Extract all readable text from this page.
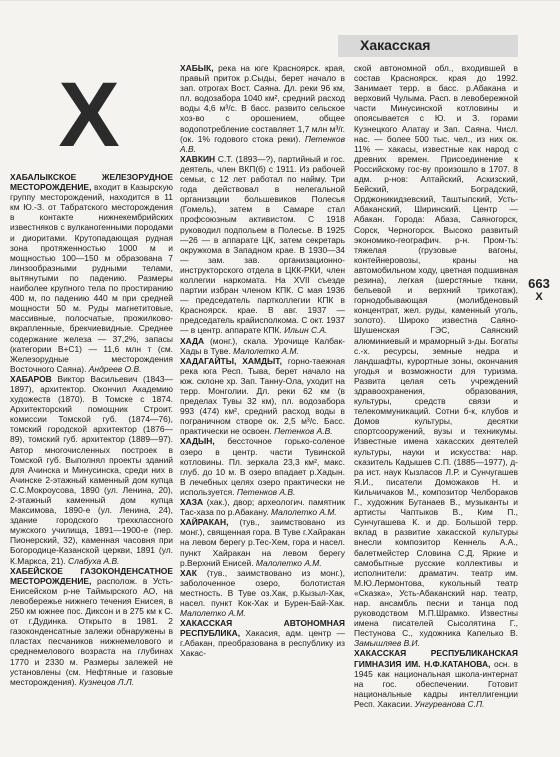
Хакасская
X

ХАБАЛЫКСКОЕ ЖЕЛЕЗОРУДНОЕ МЕСТОРОЖДЕНИЕ, входит в Казырскую группу месторождений, находится в 11 км Ю.-З. от Табратского месторождения в контакте нижнекембрийских известняков с вулканогенными породами и диоритами. Крутопадающая рудная зона протяженностью 1000 м и мощностью 100—150 м образована 7 линзообразными рудными телами, вытянутыми по падению. Размеры наиболее крупного тела по простиранию 400 м, по падению 440 м при средней мощности 50 м. Руды магнетитовые, массивные, полосчатые, прожилково-вкрапленные, брекчиевидные. Среднее содержание железа — 37,2%, запасы (категории В+С1) — 11,6 млн т (см. Железорудные месторождения Восточного Саяна). Андреев О.В.

ХАБАРОВ Виктор Васильевич (1843—1897), архитектор. Окончил Академию художеств (1870). В Томске с 1874. Архитекторский помощник Строит. комиссии Томской губ. (1874—76), томский городской архитектор (1876—89), томский губ. архитектор (1889—97). Автор многочисленных построек в Томской губ. Выполнял проекты зданий для Ачинска и Минусинска, среди них в Ачинске 2-этажный каменный дом купца С.С.Мокроусова, 1890 (ул. Ленина, 20), 2-этажный каменный дом купца Максимова, 1890-е (ул. Ленина, 24), здание городского трехклассного мужского училища, 1891—1900-е (пер. Пионерский, 32), каменная часовня при Богородице-Казанской церкви, 1891 (ул. К.Маркса, 21). Слабуха А.В.

ХАБЕЙСКОЕ ГАЗОКОНДЕНСАТНОЕ МЕСТОРОЖДЕНИЕ, располож. в Усть-Енисейском р-не Таймырского АО, на левобережье нижнего течения Енисея, в 250 км южнее пос. Диксон и в 275 км к С. от г.Дудинка. Открыто в 1981. 2 газоконденсатные залежи обнаружены в пластах песчаников нижнемелового и среднемелового возраста на глубинах 1770 и 2330 м. Размеры залежей не установлены (см. Нефтяные и газовые месторождения). Кузнецов Л.Л.

ХАБЫК, река на юге Красноярск. края, правый приток р.Сыды, берет начало в зап. отрогах Вост. Саяна. Дл. реки 96 км, пл. водозабора 1040 км², средний расход воды 4,6 м³/с. В басс. развито сельское хоз-во с орошением, общее водопотребление составляет 1,7 млн м³/г. (ок. 1% годового стока реки). Петенков А.В.

ХАВКИН С.Т. (1893—?), партийный и гос. деятель, член ВКП(б) с 1911. Из рабочей семьи, с 12 лет работал по найму. Три года действовал в нелегальной организации большевиков Полесья (Гомель), затем в Самаре стал профсоюзным активистом. С 1918 руководил подпольем в Полесье. В 1925—26 — в аппарате ЦК, затем секретарь окружкома в Западном крае. В 1930—34 — зам. зав. организационно-инструкторского отдела в ЦКК-РКИ, член коллегии наркомата. На XVII съезде партии избран членом КПК. С мая 1936 — председатель партколлегии КПК в Красноярск. крае. В авг. 1937 — председатель крайисполкома. С окт. 1937 — в центр. аппарате КПК. Ильин С.А.

ХАДА (монг.), скала. Урочище Калбак-Хады в Туве. Малолетко А.М.

ХАДАГАЙТЫ, ХАМДЫТ, горно-таежная река юга Респ. Тыва, берет начало на юж. склоне хр. Зап. Танну-Ола, уходит на терр. Монголии. Дл. реки 62 км (в пределах Тувы 32 км), пл. водозабора 993 (474) км², средний расход воды в пограничном створе ок. 2,5 м³/с. Басс. практически не освоен. Петенков А.В.

ХАДЫН, бессточное горько-соленое озеро в центр. части Тувинской котловины. Пл. зеркала 23,3 км², макс. глуб. до 10 м. В озеро впадает р.Хадын. В лечебных целях озеро практически не используется. Петенков А.В.

ХАЗА (хак.), двор; археологич. памятник Тас-хаза по р.Абакану. Малолетко А.М.

ХАЙРАКАН, (тув., заимствовано из монг.), священная гора. В Туве г.Хайракан на левом берегу р.Тес-Хем, гора и насел. пункт Хайракан на левом берегу р.Верхний Енисей. Малолетко А.М.

ХАК (тув., заимствовано из монг.), заболоченное озеро, болотистая местность. В Туве оз.Хак, р.Кызыл-Хак, насел. пункт Кок-Хак и Бурен-Бай-Хак. Малолетко А.М.

ХАКАССКАЯ АВТОНОМНАЯ РЕСПУБЛИКА, Хакасия, адм. центр — г.Абакан, преобразована в республику из Хакас-

ской автономной обл., входившей в состав Красноярск. края до 1992. Занимает терр. в басс. р.Абакана и верховий Чулыма. Расп. в левобережной части Минусинской котловины и опоясывается с Ю. и З. горами Кузнецкого Алатау и Зап. Саяна. Числ. нас. — более 500 тыс. чел., из них ок. 11% — хакасы, известные как народ с древних времен. Присоединение к Российскому гос-ву произошло в 1707. 8 адм. р-нов: Алтайский, Аскизский, Бейский, Боградский, Орджоникидзевский, Таштыпский, Усть-Абаканский, Ширинский. Центр — Абакан. Города: Абаза, Саяногорск, Сорск, Черногорск. Высоко развитый экономико-географич. р-н. Пром-ть: тяжелая (грузовые вагоны, контейнеровозы, краны на автомобильном ходу, цветная подшивная резина), легкая (шерстяные ткани, бельевой и верхний трикотаж), горнодобывающая (молибденовый концентрат, жел. руды, каменный уголь, золото). Широко известна Саяно-Шушенская ГЭС, Саянский алюминиевый и мраморный з-ды. Богаты с.-х. ресурсы, земные недра и ландшафты, курортные зоны, окончания угодья и возможности для туризма. Развита целая сеть учреждений здравоохранения, образования, культуры, средств связи и телекоммуникаций. Сотни б-к, клубов и Домов культуры, десятки спортсооружений, вузы и техникумы. Известные имена хакасских деятелей культуры, науки и искусства: нар. сказитель Кадышев С.П. (1885—1977), д-ра ист. наук Кызласов Л.Р. и Сунчугашев Я.И., писатели Доможаков Н. и Кильчичаков М., композитор Челбораков Г., художник Бутанаев В., музыканты и артисты Чаптыков В., Ким П., Сунчугашева К. и др. Большой терр. вклад в развитие хакасской культуры внесли композитор Кеннель А.А., балетмейстер Словина С.Д. Яркие и самобытные русские коллективы и исполнители: драматич. театр им. М.Ю.Лермонтова, кукольный театр «Сказка», Усть-Абаканский нар. театр, нар. ансамбль песни и танца под руководством М.П.Шрамко. Известны имена писателей Сысолятина Г., Пестунова С., художника Капелько В. Замышляев В.И.

ХАКАССКАЯ РЕСПУБЛИКАНСКАЯ ГИМНАЗИЯ ИМ. Н.Ф.КАТАНОВА, осн. в 1945 как национальная школа-интернат на гос. обеспечении. Готовит национальные кадры интеллигенции Респ. Хакасии. Унгуреанова С.П.

663
X
